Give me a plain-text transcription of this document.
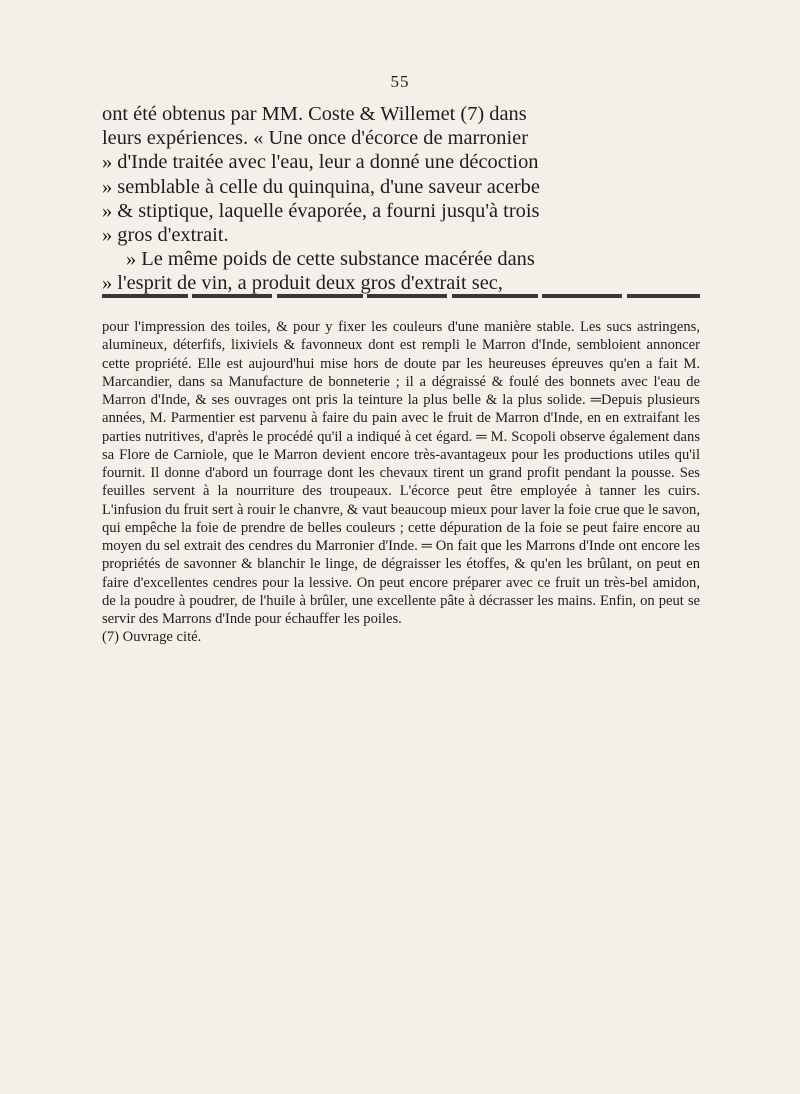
55
ont été obtenus par MM. Coste & Willemet (7) dans
leurs expériences. « Une once d'écorce de marronier
» d'Inde traitée avec l'eau, leur a donné une décoction
» semblable à celle du quinquina, d'une saveur acerbe
» & stiptique, laquelle évaporée, a fourni jusqu'à trois
» gros d'extrait.
» Le même poids de cette substance macérée dans
» l'esprit de vin, a produit deux gros d'extrait sec,

pour l'impression des toiles, & pour y fixer les couleurs d'une manière stable. Les sucs astringens, alumineux, déterfifs, lixiviels & favonneux dont est rempli le Marron d'Inde, sembloient annoncer cette propriété. Elle est aujourd'hui mise hors de doute par les heureuses épreuves qu'en a fait M. Marcandier, dans sa Manufacture de bonneterie ; il a dégraissé & foulé des bonnets avec l'eau de Marron d'Inde, & ses ouvrages ont pris la teinture la plus belle & la plus solide. ═Depuis plusieurs années, M. Parmentier est parvenu à faire du pain avec le fruit de Marron d'Inde, en en extraifant les parties nutritives, d'après le procédé qu'il a indiqué à cet égard. ═ M. Scopoli observe également dans sa Flore de Carniole, que le Marron devient encore très-avantageux pour les productions utiles qu'il fournit. Il donne d'abord un fourrage dont les chevaux tirent un grand profit pendant la pousse. Ses feuilles servent à la nourriture des troupeaux. L'écorce peut être employée à tanner les cuirs. L'infusion du fruit sert à rouir le chanvre, & vaut beaucoup mieux pour laver la foie crue que le savon, qui empêche la foie de prendre de belles couleurs ; cette dépuration de la foie se peut faire encore au moyen du sel extrait des cendres du Marronier d'Inde. ═ On fait que les Marrons d'Inde ont encore les propriétés de savonner & blanchir le linge, de dégraisser les étoffes, & qu'en les brûlant, on peut en faire d'excellentes cendres pour la lessive. On peut encore préparer avec ce fruit un très-bel amidon, de la poudre à poudrer, de l'huile à brûler, une excellente pâte à décrasser les mains. Enfin, on peut se servir des Marrons d'Inde pour échauffer les poiles.

(7) Ouvrage cité.
